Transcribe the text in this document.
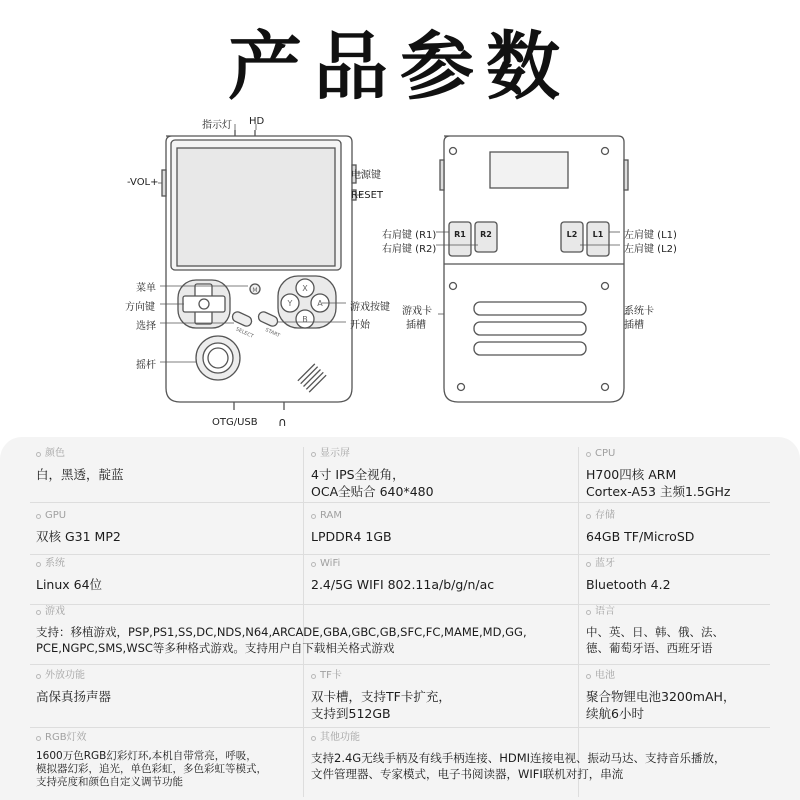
产品参数
X
Y	A
B
M
SELECT START
R1 R2	L2 L1
指示灯 HD
-VOL+
电源键
RESET
菜单
方向键
选择
游戏按键
开始
摇杆
OTG/USB ∩
右肩键 (R1)
右肩键 (R2)
左肩键 (L1)
左肩键 (L2)
游戏卡
插槽
系统卡
插槽
颜色
白，黑透，靛蓝
显示屏
4寸 IPS全视角，
OCA全贴合 640*480
CPU
H700四核 ARM
Cortex-A53 主频1.5GHz
GPU
双核 G31 MP2
RAM
LPDDR4 1GB
存储
64GB TF/MicroSD
系统
Linux 64位
WiFi
2.4/5G WIFI 802.11a/b/g/n/ac
蓝牙
Bluetooth 4.2
游戏
支持：移植游戏，PSP,PS1,SS,DC,NDS,N64,ARCADE,GBA,GBC,GB,SFC,FC,MAME,MD,GG,
PCE,NGPC,SMS,WSC等多种格式游戏。支持用户自下载相关格式游戏
语言
中、英、日、韩、俄、法、
德、葡萄牙语、西班牙语
外放功能
高保真扬声器
TF卡
双卡槽，支持TF卡扩充，
支持到512GB
电池
聚合物锂电池3200mAH，
续航6小时
RGB灯效
1600万色RGB幻彩灯环,本机自带常亮，呼吸，
模拟器幻彩，追光，单色彩虹，多色彩虹等模式，
支持亮度和颜色自定义调节功能
其他功能
支持2.4G无线手柄及有线手柄连接、HDMI连接电视、振动马达、支持音乐播放，
文件管理器、专家模式，电子书阅读器，WIFI联机对打，串流
